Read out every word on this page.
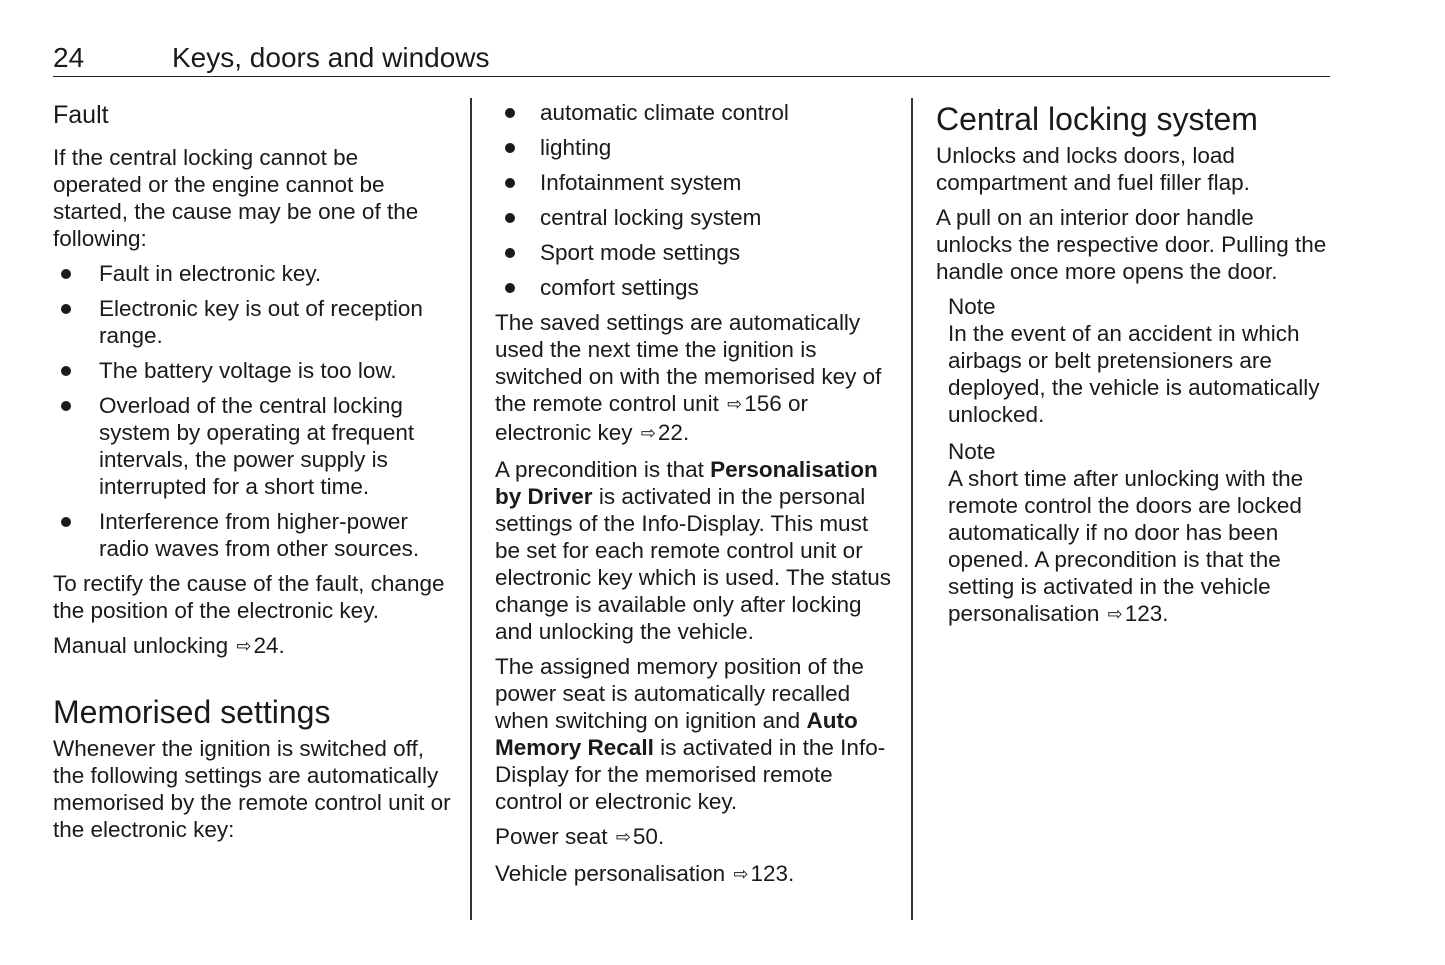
24	Keys, doors and windows
Fault

If the central locking cannot be operated or the engine cannot be started, the cause may be one of the following:

Fault in electronic key.
Electronic key is out of reception range.
The battery voltage is too low.
Overload of the central locking system by operating at frequent intervals, the power supply is interrupted for a short time.
Interference from higher-power radio waves from other sources.

To rectify the cause of the fault, change the position of the electronic key.

Manual unlocking ⇨24.

Memorised settings

Whenever the ignition is switched off, the following settings are automatically memorised by the remote control unit or the electronic key:

automatic climate control
lighting
Infotainment system
central locking system
Sport mode settings
comfort settings

The saved settings are automatically used the next time the ignition is switched on with the memorised key of the remote control unit ⇨156 or electronic key ⇨22.

A precondition is that Personalisation by Driver is activated in the personal settings of the Info-Display. This must be set for each remote control unit or electronic key which is used. The status change is available only after locking and unlocking the vehicle.

The assigned memory position of the power seat is automatically recalled when switching on ignition and Auto Memory Recall is activated in the Info-Display for the memorised remote control or electronic key.

Power seat ⇨50.

Vehicle personalisation ⇨123.

Central locking system

Unlocks and locks doors, load compartment and fuel filler flap.

A pull on an interior door handle unlocks the respective door. Pulling the handle once more opens the door.

Note
In the event of an accident in which airbags or belt pretensioners are deployed, the vehicle is automatically unlocked.
Note
A short time after unlocking with the remote control the doors are locked automatically if no door has been opened. A precondition is that the setting is activated in the vehicle personalisation ⇨123.
